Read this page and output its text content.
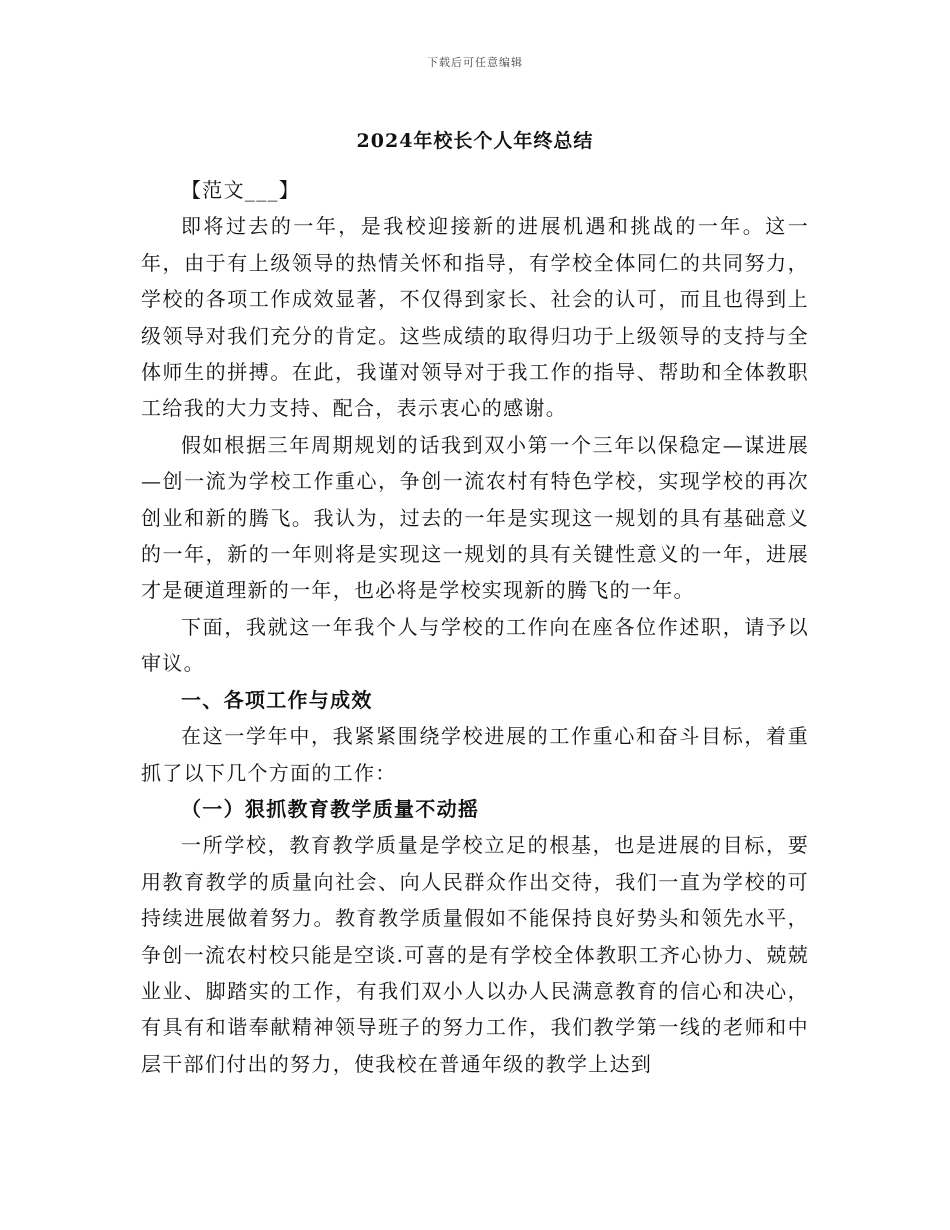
下载后可任意编辑
2024年校长个人年终总结

【范文___】

即将过去的一年，是我校迎接新的进展机遇和挑战的一年。这一年，由于有上级领导的热情关怀和指导，有学校全体同仁的共同努力，学校的各项工作成效显著，不仅得到家长、社会的认可，而且也得到上级领导对我们充分的肯定。这些成绩的取得归功于上级领导的支持与全体师生的拼搏。在此，我谨对领导对于我工作的指导、帮助和全体教职工给我的大力支持、配合，表示衷心的感谢。

假如根据三年周期规划的话我到双小第一个三年以保稳定—谋进展—创一流为学校工作重心，争创一流农村有特色学校，实现学校的再次创业和新的腾飞。我认为，过去的一年是实现这一规划的具有基础意义的一年，新的一年则将是实现这一规划的具有关键性意义的一年，进展才是硬道理新的一年，也必将是学校实现新的腾飞的一年。

下面，我就这一年我个人与学校的工作向在座各位作述职，请予以审议。

一、各项工作与成效

在这一学年中，我紧紧围绕学校进展的工作重心和奋斗目标，着重抓了以下几个方面的工作：

（一）狠抓教育教学质量不动摇

一所学校，教育教学质量是学校立足的根基，也是进展的目标，要用教育教学的质量向社会、向人民群众作出交待，我们一直为学校的可持续进展做着努力。教育教学质量假如不能保持良好势头和领先水平，争创一流农村校只能是空谈.可喜的是有学校全体教职工齐心协力、兢兢业业、脚踏实的工作，有我们双小人以办人民满意教育的信心和决心，有具有和谐奉献精神领导班子的努力工作，我们教学第一线的老师和中层干部们付出的努力，使我校在普通年级的教学上达到
